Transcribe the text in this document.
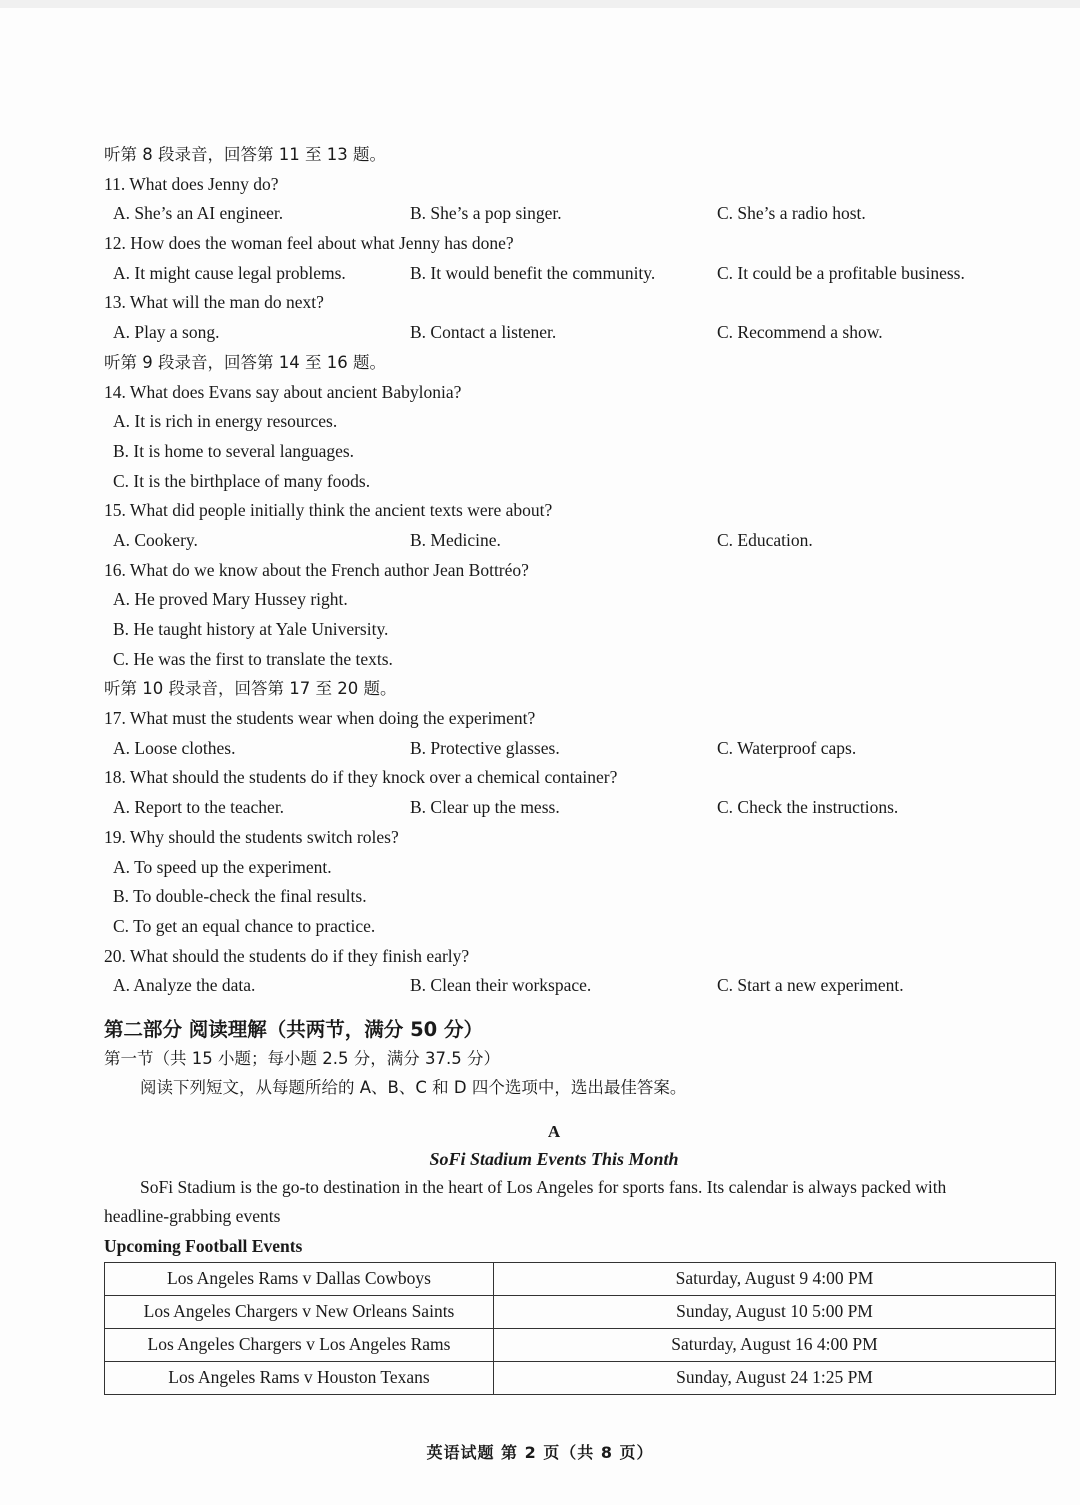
听第 8 段录音，回答第 11 至 13 题。
11. What does Jenny do?
A. She’s an AI engineer.	B. She’s a pop singer.	C. She’s a radio host.
12. How does the woman feel about what Jenny has done?
A. It might cause legal problems.	B. It would benefit the community.	C. It could be a profitable business.
13. What will the man do next?
A. Play a song.	B. Contact a listener.	C. Recommend a show.
听第 9 段录音，回答第 14 至 16 题。
14. What does Evans say about ancient Babylonia?
A. It is rich in energy resources.
B. It is home to several languages.
C. It is the birthplace of many foods.
15. What did people initially think the ancient texts were about?
A. Cookery.	B. Medicine.	C. Education.
16. What do we know about the French author Jean Bottréo?
A. He proved Mary Hussey right.
B. He taught history at Yale University.
C. He was the first to translate the texts.
听第 10 段录音，回答第 17 至 20 题。
17. What must the students wear when doing the experiment?
A. Loose clothes.	B. Protective glasses.	C. Waterproof caps.
18. What should the students do if they knock over a chemical container?
A. Report to the teacher.	B. Clear up the mess.	C. Check the instructions.
19. Why should the students switch roles?
A. To speed up the experiment.
B. To double-check the final results.
C. To get an equal chance to practice.
20. What should the students do if they finish early?
A. Analyze the data.	B. Clean their workspace.	C. Start a new experiment.
第二部分 阅读理解（共两节，满分 50 分）
第一节（共 15 小题；每小题 2.5 分，满分 37.5 分）
阅读下列短文，从每题所给的 A、B、C 和 D 四个选项中，选出最佳答案。
A
SoFi Stadium Events This Month
SoFi Stadium is the go-to destination in the heart of Los Angeles for sports fans. Its calendar is always packed with headline-grabbing events
Upcoming Football Events
Los Angeles Rams v Dallas Cowboys	Saturday, August 9 4:00 PM
Los Angeles Chargers v New Orleans Saints	Sunday, August 10 5:00 PM
Los Angeles Chargers v Los Angeles Rams	Saturday, August 16 4:00 PM
Los Angeles Rams v Houston Texans	Sunday, August 24 1:25 PM
英语试题 第 2 页（共 8 页）
